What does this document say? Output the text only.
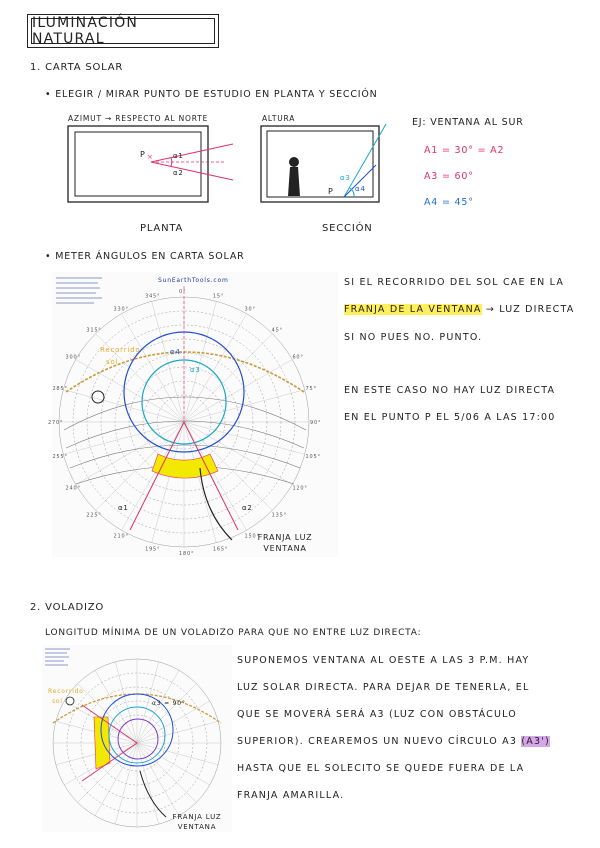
ILUMINACIÓN NATURAL
1. CARTA SOLAR
• ELEGIR / MIRAR PUNTO DE ESTUDIO EN PLANTA Y SECCIÓN
AZIMUT → RESPECTO AL NORTE
×
P	α1
α2
PLANTA
ALTURA
P
α3
α4
SECCIÓN
EJ: VENTANA AL SUR
Α1 = 30° = Α2
Α3 = 60°
Α4 = 45°
• METER ÁNGULOS EN CARTA SOLAR
SunEarthTools.com
0°
15°
30°
45°
60°
75°
90°
105°
120°
135°
150°
165°
180°
195°
210°
225°
240°
255°
270°
285°
300°
315°
330°
345°
Recorrido
sol
α4
α3
α1	α2
FRANJA LUZ VENTANA
SI EL RECORRIDO DEL SOL CAE EN LA
FRANJA DE LA VENTANA → LUZ DIRECTA
SI NO PUES NO. PUNTO.
EN ESTE CASO NO HAY LUZ DIRECTA
EN EL PUNTO P EL 5/06 A LAS 17:00
2. VOLADIZO
LONGITUD MÍNIMA DE UN VOLADIZO PARA QUE NO ENTRE LUZ DIRECTA:
Recorrido
sol	α3 = 90°
FRANJA LUZ VENTANA
SUPONEMOS VENTANA AL OESTE A LAS 3 P.M. HAY
LUZ SOLAR DIRECTA. PARA DEJAR DE TENERLA, EL
QUE SE MOVERÁ SERÁ Α3 (LUZ CON OBSTÁCULO
SUPERIOR). CREAREMOS UN NUEVO CÍRCULO Α3 (Α3')
HASTA QUE EL SOLECITO SE QUEDE FUERA DE LA
FRANJA AMARILLA.
